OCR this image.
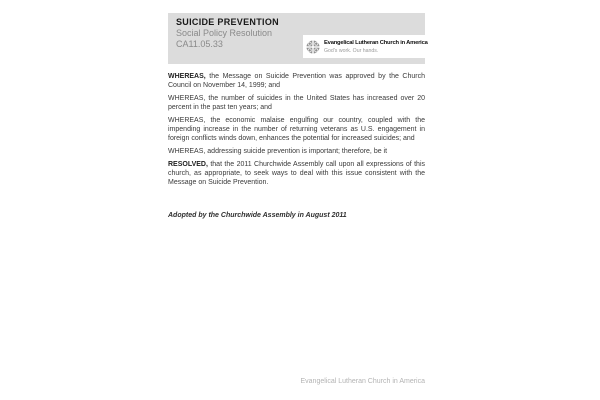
SUICIDE PREVENTION
Social Policy Resolution
CA11.05.33	Evangelical Lutheran Church in America
God's work. Our hands.

WHEREAS, the Message on Suicide Prevention was approved by the Church Council on November 14, 1999; and

WHEREAS, the number of suicides in the United States has increased over 20 percent in the past ten years; and

WHEREAS, the economic malaise engulfing our country, coupled with the impending increase in the number of returning veterans as U.S. engagement in foreign conflicts winds down, enhances the potential for increased suicides; and

WHEREAS, addressing suicide prevention is important; therefore, be it

RESOLVED, that the 2011 Churchwide Assembly call upon all expressions of this church, as appropriate, to seek ways to deal with this issue consistent with the Message on Suicide Prevention.

Adopted by the Churchwide Assembly in August 2011
Evangelical Lutheran Church in America
